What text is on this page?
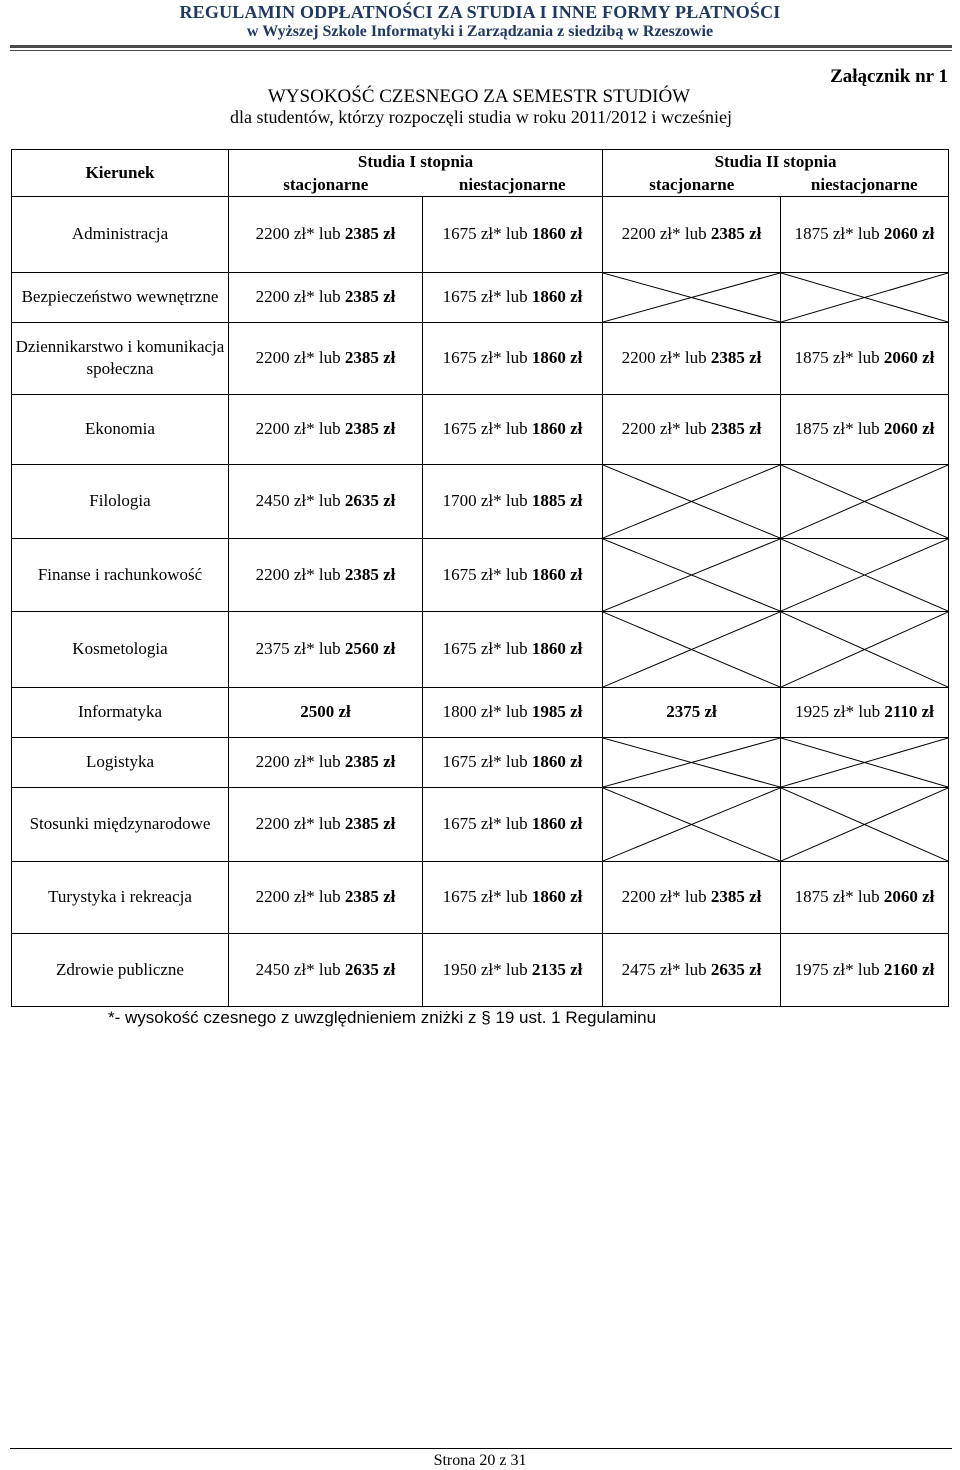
REGULAMIN ODPŁATNOŚCI ZA STUDIA I INNE FORMY PŁATNOŚCI
w Wyższej Szkole Informatyki i Zarządzania z siedzibą w Rzeszowie
Załącznik nr 1
WYSOKOŚĆ CZESNEGO ZA SEMESTR STUDIÓW
dla studentów, którzy rozpoczęli studia w roku 2011/2012 i wcześniej
Kierunek	Studia I stopnia		Studia II stopnia	
	stacjonarne	niestacjonarne	stacjonarne	niestacjonarne
Administracja	2200 zł* lub 2385 zł	1675 zł* lub 1860 zł	2200 zł* lub 2385 zł	1875 zł* lub 2060 zł
Bezpieczeństwo wewnętrzne	2200 zł* lub 2385 zł	1675 zł* lub 1860 zł	

Dziennikarstwo i komunikacja społeczna	2200 zł* lub 2385 zł	1675 zł* lub 1860 zł	2200 zł* lub 2385 zł	1875 zł* lub 2060 zł
Ekonomia	2200 zł* lub 2385 zł	1675 zł* lub 1860 zł	2200 zł* lub 2385 zł	1875 zł* lub 2060 zł
Filologia	2450 zł* lub 2635 zł	1700 zł* lub 1885 zł	

Finanse i rachunkowość	2200 zł* lub 2385 zł	1675 zł* lub 1860 zł	

Kosmetologia	2375 zł* lub 2560 zł	1675 zł* lub 1860 zł	

Informatyka	2500 zł	1800 zł* lub 1985 zł	2375 zł	1925 zł* lub 2110 zł
Logistyka	2200 zł* lub 2385 zł	1675 zł* lub 1860 zł	

Stosunki międzynarodowe	2200 zł* lub 2385 zł	1675 zł* lub 1860 zł	

Turystyka i rekreacja	2200 zł* lub 2385 zł	1675 zł* lub 1860 zł	2200 zł* lub 2385 zł	1875 zł* lub 2060 zł
Zdrowie publiczne	2450 zł* lub 2635 zł	1950 zł* lub 2135 zł	2475 zł* lub 2635 zł	1975 zł* lub 2160 zł
*- wysokość czesnego z uwzględnieniem zniżki z § 19 ust. 1 Regulaminu
Strona 20 z 31
